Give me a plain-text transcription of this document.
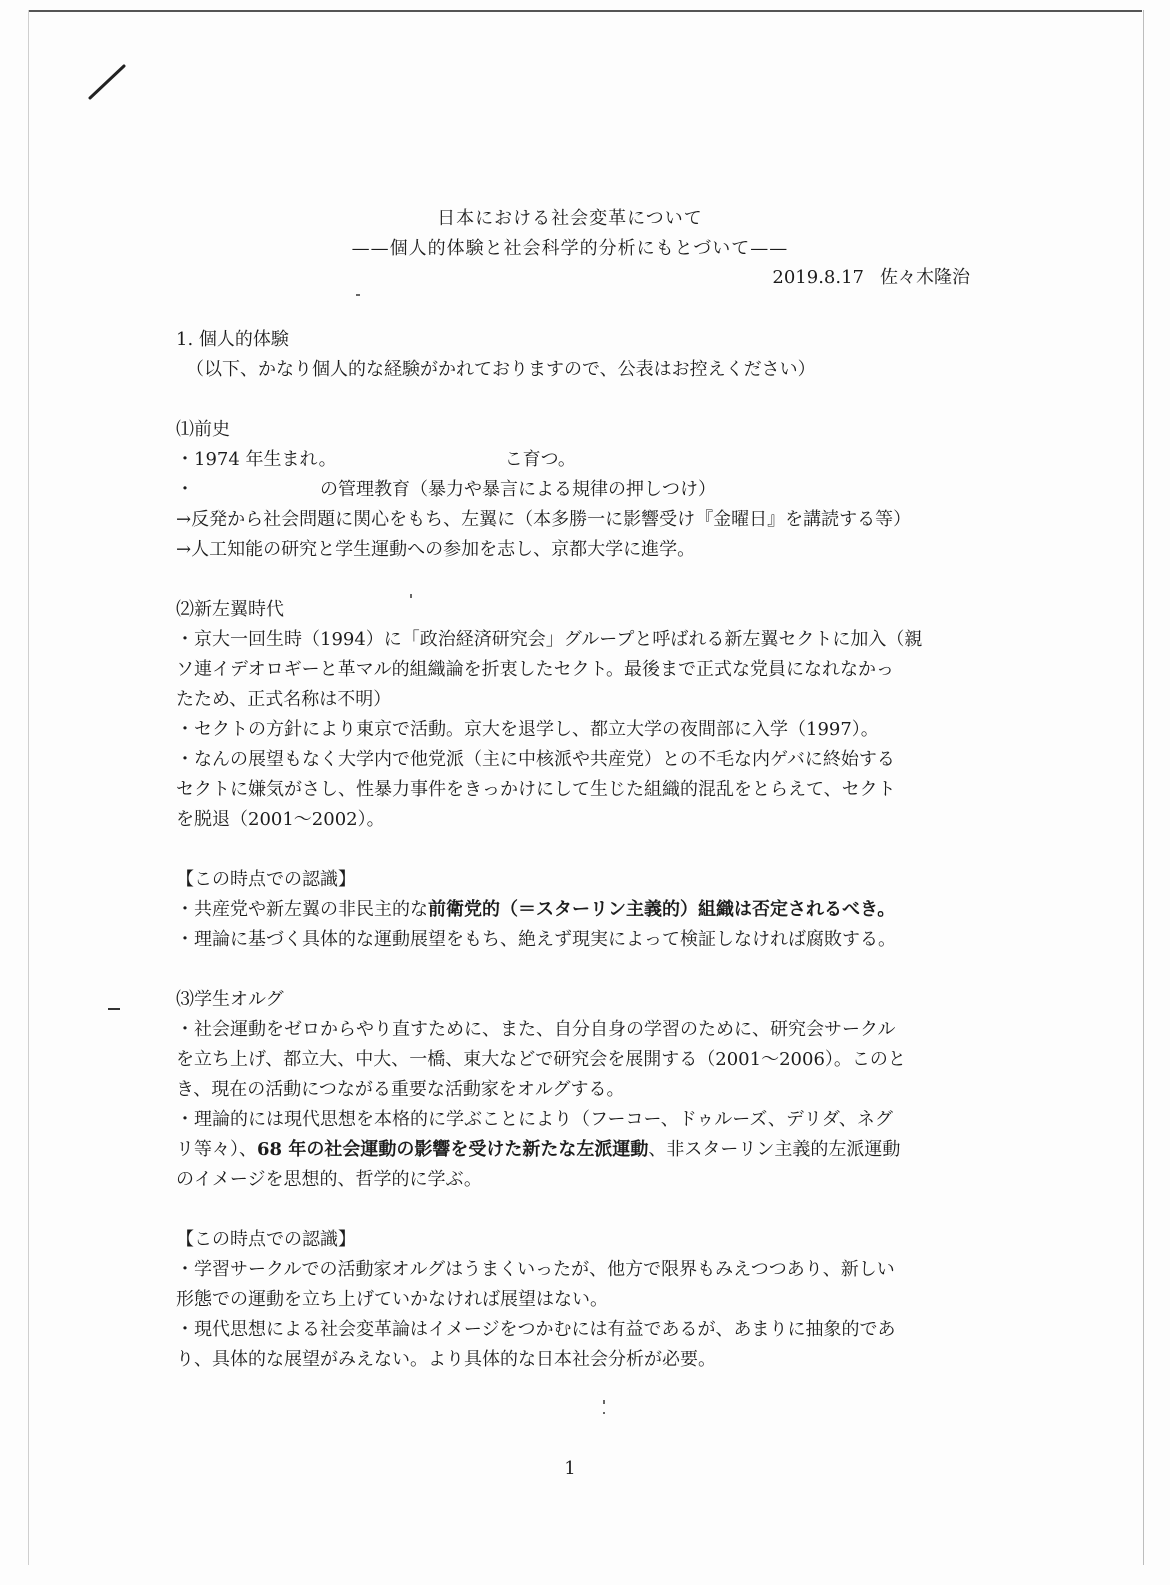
日本における社会変革について
——個人的体験と社会科学的分析にもとづいて——
2019.8.17 佐々木隆治
1. 個人的体験
（以下、かなり個人的な経験がかれておりますので、公表はお控えください）
⑴前史
・1974 年生まれ。	こ育つ。
・	の管理教育（暴力や暴言による規律の押しつけ）
→反発から社会問題に関心をもち、左翼に（本多勝一に影響受け『金曜日』を講読する等）
→人工知能の研究と学生運動への参加を志し、京都大学に進学。
⑵新左翼時代
・京大一回生時（1994）に「政治経済研究会」グループと呼ばれる新左翼セクトに加入（親
ソ連イデオロギーと革マル的組織論を折衷したセクト。最後まで正式な党員になれなかっ
たため、正式名称は不明）
・セクトの方針により東京で活動。京大を退学し、都立大学の夜間部に入学（1997）。
・なんの展望もなく大学内で他党派（主に中核派や共産党）との不毛な内ゲバに終始する
セクトに嫌気がさし、性暴力事件をきっかけにして生じた組織的混乱をとらえて、セクト
を脱退（2001〜2002）。
【この時点での認識】
・共産党や新左翼の非民主的な前衛党的（＝スターリン主義的）組織は否定されるべき。
・理論に基づく具体的な運動展望をもち、絶えず現実によって検証しなければ腐敗する。
⑶学生オルグ
・社会運動をゼロからやり直すために、また、自分自身の学習のために、研究会サークル
を立ち上げ、都立大、中大、一橋、東大などで研究会を展開する（2001〜2006）。このと
き、現在の活動につながる重要な活動家をオルグする。
・理論的には現代思想を本格的に学ぶことにより（フーコー、ドゥルーズ、デリダ、ネグ
リ等々）、68 年の社会運動の影響を受けた新たな左派運動、非スターリン主義的左派運動
のイメージを思想的、哲学的に学ぶ。
【この時点での認識】
・学習サークルでの活動家オルグはうまくいったが、他方で限界もみえつつあり、新しい
形態での運動を立ち上げていかなければ展望はない。
・現代思想による社会変革論はイメージをつかむには有益であるが、あまりに抽象的であ
り、具体的な展望がみえない。より具体的な日本社会分析が必要。
1
